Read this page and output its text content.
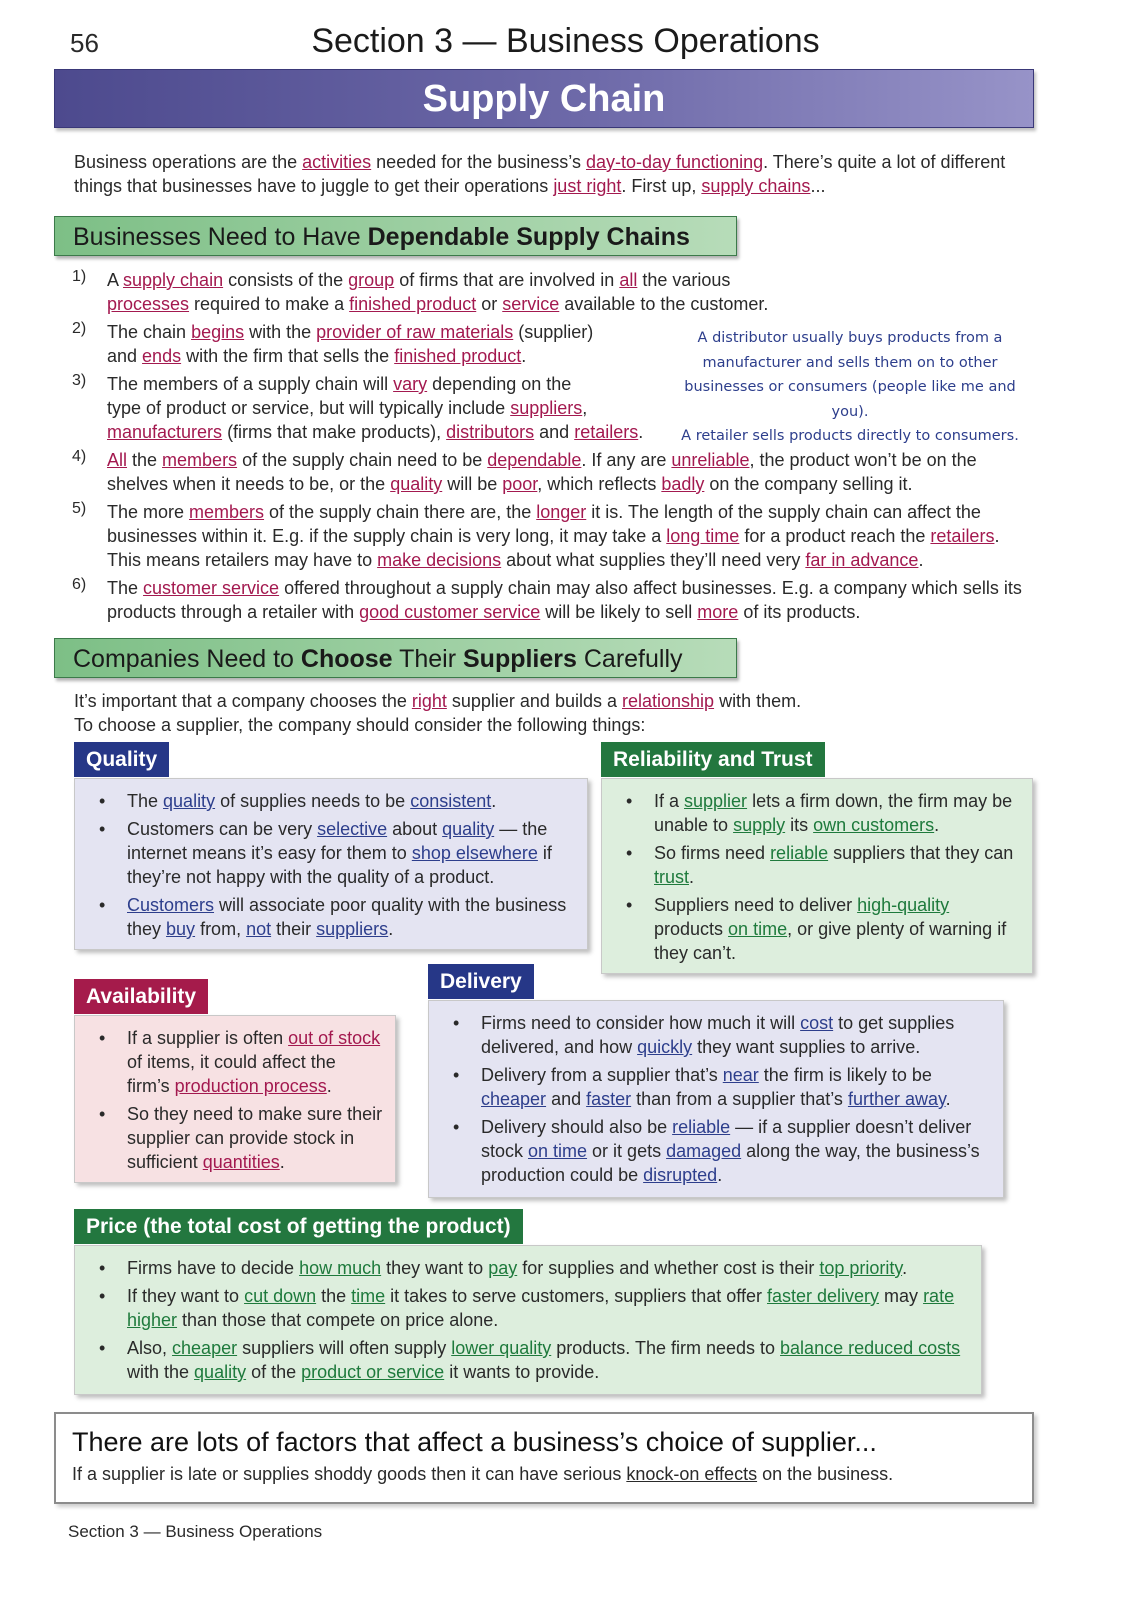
56	Section 3 — Business Operations
Supply Chain

Business operations are the activities needed for the business’s day-to-day functioning. There’s quite a lot of different things that businesses have to juggle to get their operations just right. First up, supply chains...

Businesses Need to Have Dependable Supply Chains
1) A supply chain consists of the group of firms that are involved in all the various
processes required to make a finished product or service available to the customer.

2) The chain begins with the provider of raw materials (supplier)
and ends with the firm that sells the finished product.

3) The members of a supply chain will vary depending on the
type of product or service, but will typically include suppliers,
manufacturers (firms that make products), distributors and retailers.

4) All the members of the supply chain need to be dependable. If any are unreliable, the product won’t be on the shelves when it needs to be, or the quality will be poor, which reflects badly on the company selling it.

5) The more members of the supply chain there are, the longer it is. The length of the supply chain can affect the businesses within it. E.g. if the supply chain is very long, it may take a long time for a product reach the retailers. This means retailers may have to make decisions about what supplies they’ll need very far in advance.

6) The customer service offered throughout a supply chain may also affect businesses. E.g. a company which sells its products through a retailer with good customer service will be likely to sell more of its products.

A distributor usually buys products from a
manufacturer and sells them on to other
businesses or consumers (people like me and you).
A retailer sells products directly to consumers.
Companies Need to Choose Their Suppliers Carefully

It’s important that a company chooses the right supplier and builds a relationship with them.
To choose a supplier, the company should consider the following things:

• The quality of supplies needs to be consistent.
• Customers can be very selective about quality — the internet means it’s easy for them to shop elsewhere if they’re not happy with the quality of a product.
• Customers will associate poor quality with the business they buy from, not their suppliers.
Quality
• If a supplier lets a firm down, the firm may be unable to supply its own customers.
• So firms need reliable suppliers that they can trust.
• Suppliers need to deliver high-quality products on time, or give plenty of warning if they can’t.
Reliability and Trust
• If a supplier is often out of stock of items, it could affect the firm’s production process.
• So they need to make sure their supplier can provide stock in sufficient quantities.
Availability
• Firms need to consider how much it will cost to get supplies delivered, and how quickly they want supplies to arrive.
• Delivery from a supplier that’s near the firm is likely to be cheaper and faster than from a supplier that’s further away.
• Delivery should also be reliable — if a supplier doesn’t deliver stock on time or it gets damaged along the way, the business’s production could be disrupted.
Delivery
• Firms have to decide how much they want to pay for supplies and whether cost is their top priority.
• If they want to cut down the time it takes to serve customers, suppliers that offer faster delivery may rate higher than those that compete on price alone.
• Also, cheaper suppliers will often supply lower quality products. The firm needs to balance reduced costs with the quality of the product or service it wants to provide.
Price (the total cost of getting the product)
There are lots of factors that affect a business’s choice of supplier...
If a supplier is late or supplies shoddy goods then it can have serious knock-on effects on the business.
Section 3 — Business Operations
